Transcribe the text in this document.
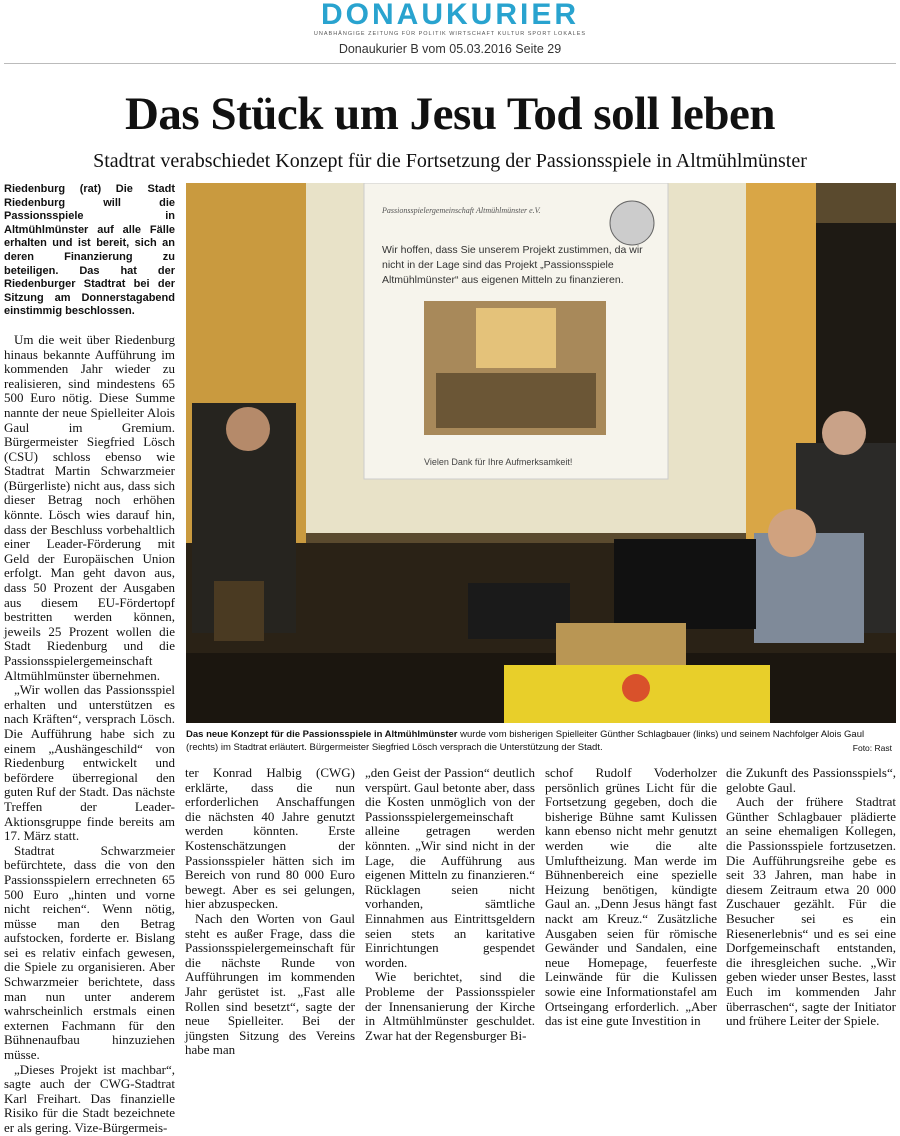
DONAUKURIER
UNABHÄNGIGE ZEITUNG FÜR POLITIK WIRTSCHAFT KULTUR SPORT LOKALES
Donaukurier B vom 05.03.2016 Seite 29
Das Stück um Jesu Tod soll leben
Stadtrat verabschiedet Konzept für die Fortsetzung der Passionsspiele in Altmühlmünster
Riedenburg (rat) Die Stadt Riedenburg will die Passionsspiele in Altmühlmünster auf alle Fälle erhalten und ist bereit, sich an deren Finanzierung zu beteiligen. Das hat der Riedenburger Stadtrat bei der Sitzung am Donnerstagabend einstimmig beschlossen.

Um die weit über Riedenburg hinaus bekannte Aufführung im kommenden Jahr wieder zu realisieren, sind mindestens 65 500 Euro nötig. Diese Summe nannte der neue Spielleiter Alois Gaul im Gremium. Bürgermeister Siegfried Lösch (CSU) schloss ebenso wie Stadtrat Martin Schwarzmeier (Bürgerliste) nicht aus, dass sich dieser Betrag noch erhöhen könnte. Lösch wies darauf hin, dass der Beschluss vorbehaltlich einer Leader-Förderung mit Geld der Europäischen Union erfolgt. Man geht davon aus, dass 50 Prozent der Ausgaben aus diesem EU-Fördertopf bestritten werden können, jeweils 25 Prozent wollen die Stadt Riedenburg und die Passionsspielergemeinschaft Altmühlmünster übernehmen.

„Wir wollen das Passionsspiel erhalten und unterstützen es nach Kräften“, versprach Lösch. Die Aufführung habe sich zu einem „Aushängeschild“ von Riedenburg entwickelt und befördere überregional den guten Ruf der Stadt. Das nächste Treffen der Leader-Aktionsgruppe finde bereits am 17. März statt.

Stadtrat Schwarzmeier befürchtete, dass die von den Passionsspielern errechneten 65 500 Euro „hinten und vorne nicht reichen“. Wenn nötig, müsse man den Betrag aufstocken, forderte er. Bislang sei es relativ einfach gewesen, die Spiele zu organisieren. Aber Schwarzmeier berichtete, dass man nun unter anderem wahrscheinlich erstmals einen externen Fachmann für den Bühnenaufbau hinzuziehen müsse.

„Dieses Projekt ist machbar“, sagte auch der CWG-Stadtrat Karl Freihart. Das finanzielle Risiko für die Stadt bezeichnete er als gering. Vize-Bürgermeis-

Passionsspielergemeinschaft Altmühlmünster e.V.
Wir hoffen, dass Sie unserem Projekt zustimmen, da wir nicht in der Lage sind das Projekt „Passionsspiele Altmühlmünster“ aus eigenen Mitteln zu finanzieren.
Vielen Dank für Ihre Aufmerksamkeit!
Das neue Konzept für die Passionsspiele in Altmühlmünster wurde vom bisherigen Spielleiter Günther Schlagbauer (links) und seinem Nachfolger Alois Gaul (rechts) im Stadtrat erläutert. Bürgermeister Siegfried Lösch versprach die Unterstützung der Stadt.	Foto: Rast

ter Konrad Halbig (CWG) erklärte, dass die nun erforderlichen Anschaffungen die nächsten 40 Jahre genutzt werden könnten. Erste Kostenschätzungen der Passionsspieler hätten sich im Bereich von rund 80 000 Euro bewegt. Aber es sei gelungen, hier abzuspecken.

Nach den Worten von Gaul steht es außer Frage, dass die Passionsspielergemeinschaft für die nächste Runde von Aufführungen im kommenden Jahr gerüstet ist. „Fast alle Rollen sind besetzt“, sagte der neue Spielleiter. Bei der jüngsten Sitzung des Vereins habe man

„den Geist der Passion“ deutlich verspürt. Gaul betonte aber, dass die Kosten unmöglich von der Passionsspielergemeinschaft alleine getragen werden könnten. „Wir sind nicht in der Lage, die Aufführung aus eigenen Mitteln zu finanzieren.“ Rücklagen seien nicht vorhanden, sämtliche Einnahmen aus Eintrittsgeldern seien stets an karitative Einrichtungen gespendet worden.

Wie berichtet, sind die Probleme der Passionsspieler der Innensanierung der Kirche in Altmühlmünster geschuldet. Zwar hat der Regensburger Bi-

schof Rudolf Voderholzer persönlich grünes Licht für die Fortsetzung gegeben, doch die bisherige Bühne samt Kulissen kann ebenso nicht mehr genutzt werden wie die alte Umluftheizung. Man werde im Bühnenbereich eine spezielle Heizung benötigen, kündigte Gaul an. „Denn Jesus hängt fast nackt am Kreuz.“ Zusätzliche Ausgaben seien für römische Gewänder und Sandalen, eine neue Homepage, feuerfeste Leinwände für die Kulissen sowie eine Informationstafel am Ortseingang erforderlich. „Aber das ist eine gute Investition in

die Zukunft des Passionsspiels“, gelobte Gaul.

Auch der frühere Stadtrat Günther Schlagbauer plädierte an seine ehemaligen Kollegen, die Passionsspiele fortzusetzen. Die Aufführungsreihe gebe es seit 33 Jahren, man habe in diesem Zeitraum etwa 20 000 Zuschauer gezählt. Für die Besucher sei es ein Riesenerlebnis“ und es sei eine Dorfgemeinschaft entstanden, die ihresgleichen suche. „Wir geben wieder unser Bestes, lasst Euch im kommenden Jahr überraschen“, sagte der Initiator und frühere Leiter der Spiele.
